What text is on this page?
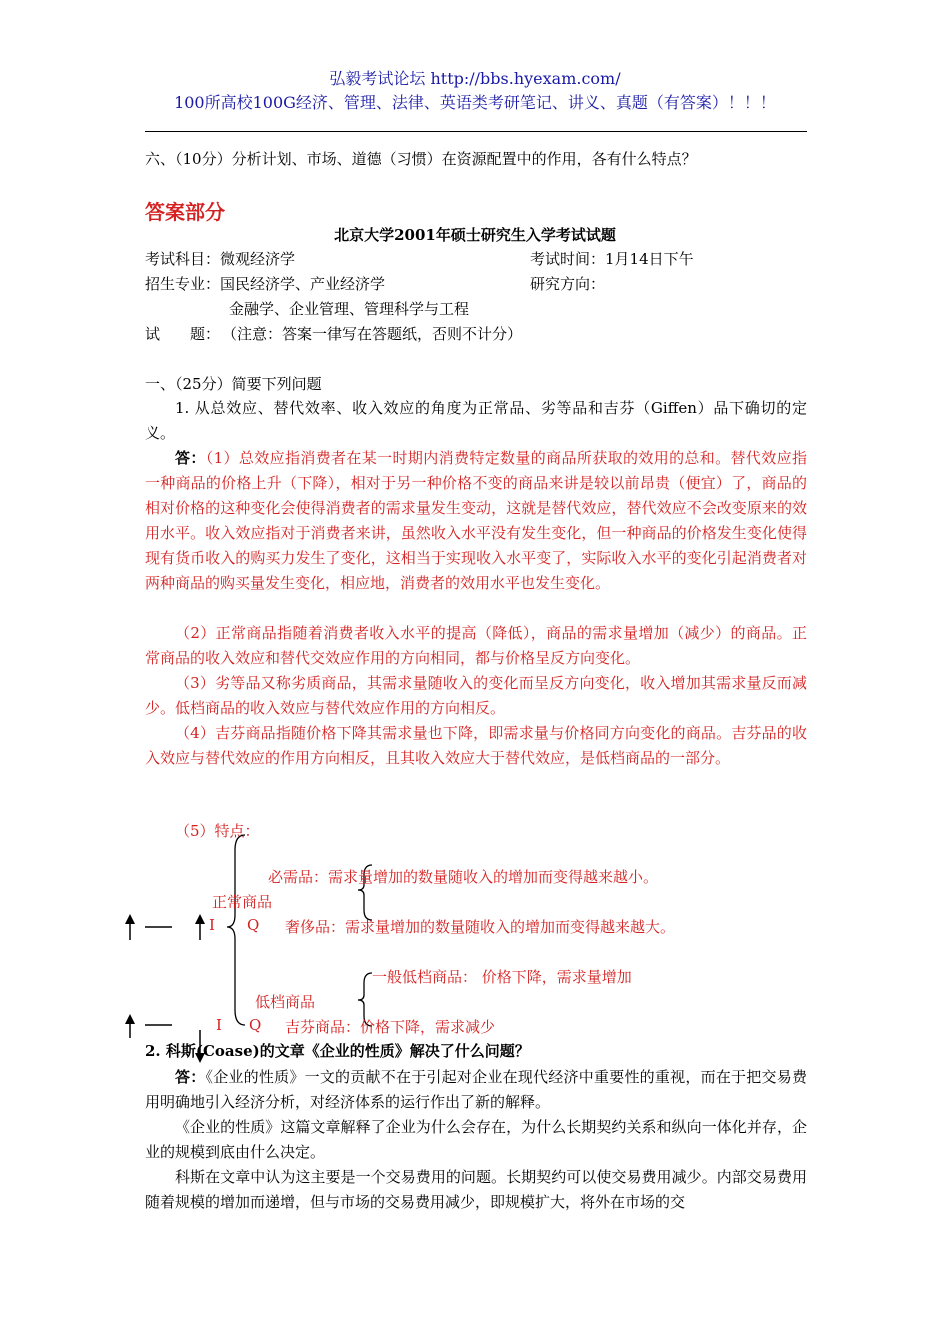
弘毅考试论坛 http://bbs.hyexam.com/
100所高校100G经济、管理、法律、英语类考研笔记、讲义、真题（有答案）！！！
六、（10分）分析计划、市场、道德（习惯）在资源配置中的作用，各有什么特点？
答案部分
北京大学2001年硕士研究生入学考试试题
考试科目：微观经济学	考试时间：1月14日下午
招生专业：国民经济学、产业经济学	研究方向：
金融学、企业管理、管理科学与工程
试　　题： （注意：答案一律写在答题纸，否则不计分）
一、（25分）简要下列问题
1. 从总效应、替代效率、收入效应的角度为正常品、劣等品和吉芬（Giffen）品下确切的定义。
答：（1）总效应指消费者在某一时期内消费特定数量的商品所获取的效用的总和。替代效应指一种商品的价格上升（下降），相对于另一种价格不变的商品来讲是较以前昂贵（便宜）了，商品的相对价格的这种变化会使得消费者的需求量发生变动，这就是替代效应，替代效应不会改变原来的效用水平。收入效应指对于消费者来讲，虽然收入水平没有发生变化，但一种商品的价格发生变化使得现有货币收入的购买力发生了变化，这相当于实现收入水平变了，实际收入水平的变化引起消费者对两种商品的购买量发生变化，相应地，消费者的效用水平也发生变化。
（2）正常商品指随着消费者收入水平的提高（降低），商品的需求量增加（减少）的商品。正常商品的收入效应和替代交效应作用的方向相同，都与价格呈反方向变化。
（3）劣等品又称劣质商品，其需求量随收入的变化而呈反方向变化，收入增加其需求量反而减少。低档商品的收入效应与替代效应作用的方向相反。
（4）吉芬商品指随价格下降其需求量也下降，即需求量与价格同方向变化的商品。吉芬品的收入效应与替代效应的作用方向相反，且其收入效应大于替代效应，是低档商品的一部分。
（5）特点：
必需品：需求量增加的数量随收入的增加而变得越来越小。
正常商品
I Q 奢侈品：需求量增加的数量随收入的增加而变得越来越大。
一般低档商品： 价格下降，需求量增加
低档商品
I Q 吉芬商品：价格下降，需求减少
2. 科斯(Coase)的文章《企业的性质》解决了什么问题？
答：《企业的性质》一文的贡献不在于引起对企业在现代经济中重要性的重视，而在于把交易费用明确地引入经济分析，对经济体系的运行作出了新的解释。
《企业的性质》这篇文章解释了企业为什么会存在，为什么长期契约关系和纵向一体化并存，企业的规模到底由什么决定。
科斯在文章中认为这主要是一个交易费用的问题。长期契约可以使交易费用减少。内部交易费用随着规模的增加而递增，但与市场的交易费用减少，即规模扩大，将外在市场的交
